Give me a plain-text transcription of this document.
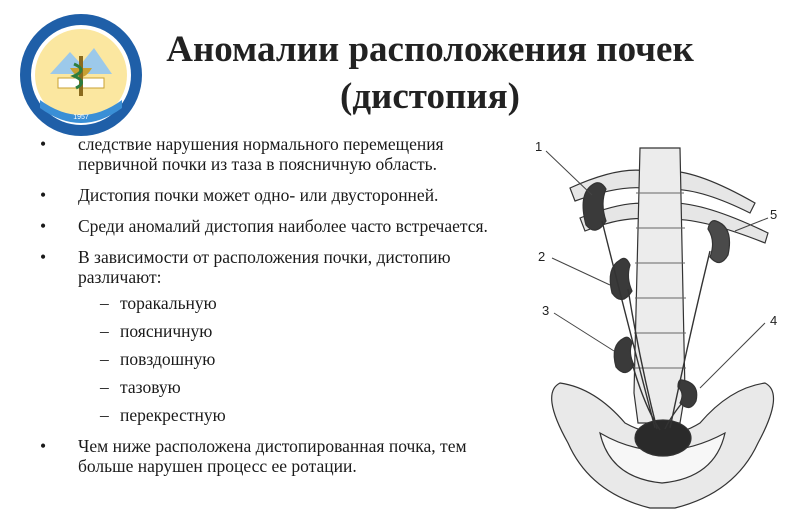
1957
Аномалии расположения почек
(дистопия)
• следствие нарушения нормального перемещения первичной почки из таза в поясничную область.
• Дистопия почки может одно- или двусторонней.
• Среди аномалий дистопия наиболее часто встречается.
• В зависимости от расположения почки, дистопию различают:
– торакальную
– поясничную
– повздошную
– тазовую
– перекрестную
• Чем ниже расположена дистопированная почка, тем больше нарушен процесс ее ротации.
1
2
3
4
5
